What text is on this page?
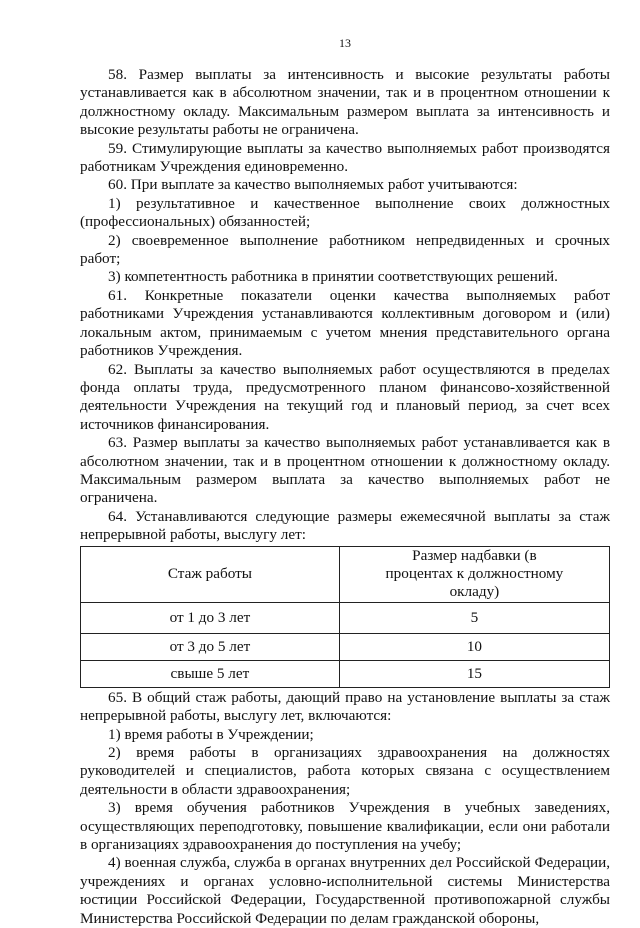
13

58. Размер выплаты за интенсивность и высокие результаты работы устанавливается как в абсолютном значении, так и в процентном отношении к должностному окладу. Максимальным размером выплата за интенсивность и высокие результаты работы не ограничена.

59. Стимулирующие выплаты за качество выполняемых работ производятся работникам Учреждения единовременно.

60. При выплате за качество выполняемых работ учитываются:

1) результативное и качественное выполнение своих должностных (профессиональных) обязанностей;

2) своевременное выполнение работником непредвиденных и срочных работ;

3) компетентность работника в принятии соответствующих решений.

61. Конкретные показатели оценки качества выполняемых работ работниками Учреждения устанавливаются коллективным договором и (или) локальным актом, принимаемым с учетом мнения представительного органа работников Учреждения.

62. Выплаты за качество выполняемых работ осуществляются в пределах фонда оплаты труда, предусмотренного планом финансово-хозяйственной деятельности Учреждения на текущий год и плановый период, за счет всех источников финансирования.

63. Размер выплаты за качество выполняемых работ устанавливается как в абсолютном значении, так и в процентном отношении к должностному окладу. Максимальным размером выплата за качество выполняемых работ не ограничена.

64. Устанавливаются следующие размеры ежемесячной выплаты за стаж непрерывной работы, выслугу лет:

Стаж работы	Размер надбавки (в процентах к должностному окладу)

от 1 до 3 лет	5
от 3 до 5 лет	10
свыше 5 лет	15

65. В общий стаж работы, дающий право на установление выплаты за стаж непрерывной работы, выслугу лет, включаются:

1) время работы в Учреждении;

2) время работы в организациях здравоохранения на должностях руководителей и специалистов, работа которых связана с осуществлением деятельности в области здравоохранения;

3) время обучения работников Учреждения в учебных заведениях, осуществляющих переподготовку, повышение квалификации, если они работали в организациях здравоохранения до поступления на учебу;

4) военная служба, служба в органах внутренних дел Российской Федерации, учреждениях и органах условно-исполнительной системы Министерства юстиции Российской Федерации, Государственной противопожарной службы Министерства Российской Федерации по делам гражданской обороны,
